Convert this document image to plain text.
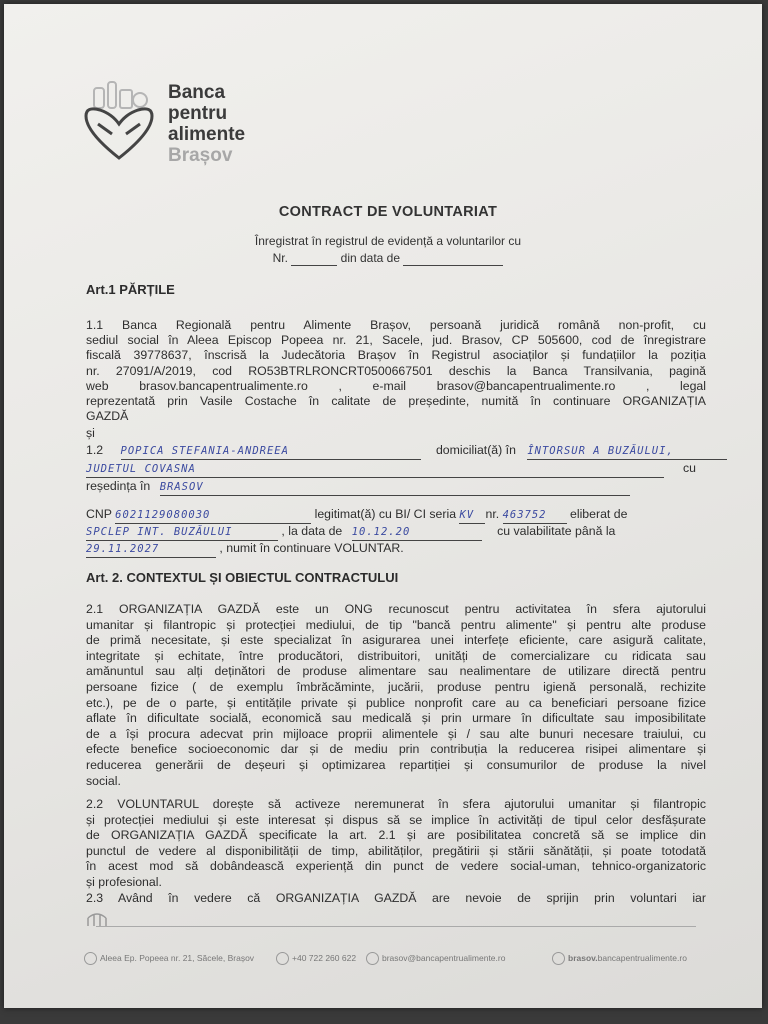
Banca
pentru
alimente
Brașov
CONTRACT DE VOLUNTARIAT
Înregistrat în registrul de evidență a voluntarilor cu
Nr.	din data de
Art.1 PĂRȚILE
1.1 Banca Regională pentru Alimente Brașov, persoană juridică română non-profit, cu
sediul social în Aleea Episcop Popeea nr. 21, Sacele, jud. Brasov, CP 505600, cod de înregistrare
fiscală 39778637, înscrisă la Judecătoria Brașov în Registrul asociaților și fundațiilor la poziția
nr. 27091/A/2019, cod RO53BTRLRONCRT0500667501 deschis la Banca Transilvania, pagină
web brasov.bancapentrualimente.ro , e-mail brasov@bancapentrualimente.ro , legal
reprezentată prin Vasile Costache în calitate de președinte, numită în continuare ORGANIZAȚIA
GAZDĂ
și
1.2 POPICA STEFANIA-ANDREEA	domiciliat(ă) în ÎNTORSUR A BUZĂULUI,
JUDETUL COVASNA	cu
reședința în BRASOV
CNP 6021129080030	legitimat(ă) cu BI/ CI seria KV nr. 463752 eliberat de
SPCLEP INT. BUZĂULUI	, la data de 10.12.20	cu valabilitate până la
29.11.2027	, numit în continuare VOLUNTAR.
Art. 2. CONTEXTUL ȘI OBIECTUL CONTRACTULUI
2.1 ORGANIZAȚIA GAZDĂ este un ONG recunoscut pentru activitatea în sfera ajutorului
umanitar și filantropic și protecției mediului, de tip "bancă pentru alimente" și pentru alte produse
de primă necesitate, și este specializat în asigurarea unei interfețe eficiente, care asigură calitate,
integritate și echitate, între producători, distribuitori, unități de comercializare cu ridicata sau
amănuntul sau alți deținători de produse alimentare sau nealimentare de utilizare directă pentru
persoane fizice ( de exemplu îmbrăcăminte, jucării, produse pentru igienă personală, rechizite
etc.), pe de o parte, și entitățile private și publice nonprofit care au ca beneficiari persoane fizice
aflate în dificultate socială, economică sau medicală și prin urmare în dificultate sau imposibilitate
de a își procura adecvat prin mijloace proprii alimentele și / sau alte bunuri necesare traiului, cu
efecte benefice socioeconomic dar și de mediu prin contribuția la reducerea risipei alimentare și
reducerea generării de deșeuri și optimizarea repartiției și consumurilor de produse la nivel
social.
2.2 VOLUNTARUL dorește să activeze neremunerat în sfera ajutorului umanitar și filantropic
și protecției mediului și este interesat și dispus să se implice în activități de tipul celor desfășurate
de ORGANIZAȚIA GAZDĂ specificate la art. 2.1 și are posibilitatea concretă să se implice din
punctul de vedere al disponibilității de timp, abilităților, pregătirii și stării sănătății, și poate totodată
în acest mod să dobândească experiență din punct de vedere social-uman, tehnico-organizatoric
și profesional.
2.3 Având în vedere că ORGANIZAȚIA GAZDĂ are nevoie de sprijin prin voluntari iar
Aleea Ep. Popeea nr. 21, Săcele, Brașov	+40 722 260 622	brasov@bancapentrualimente.ro	brasov.bancapentrualimente.ro
